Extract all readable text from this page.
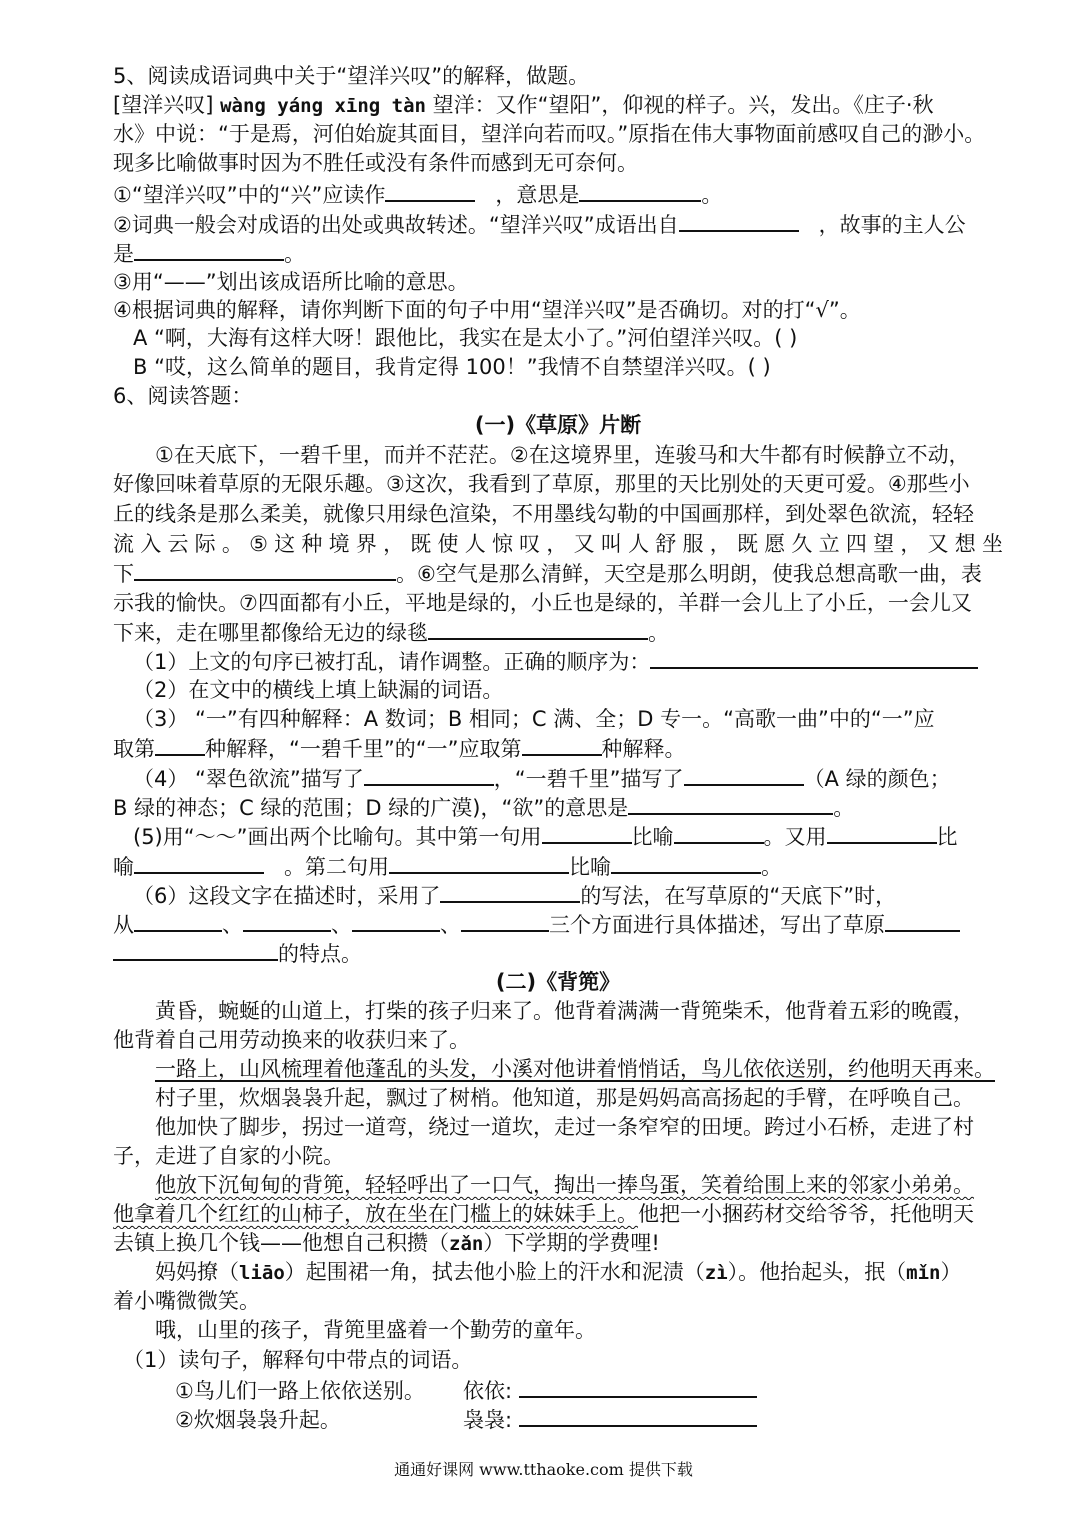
5、阅读成语词典中关于“望洋兴叹”的解释，做题。
[望洋兴叹] wàng yáng xīng tàn 望洋：又作“望阳”，仰视的样子。兴，发出。《庄子·秋
水》中说：“于是焉，河伯始旋其面目，望洋向若而叹。”原指在伟大事物面前感叹自己的渺小。
现多比喻做事时因为不胜任或没有条件而感到无可奈何。
①“望洋兴叹”中的“兴”应读作	，意思是	。
②词典一般会对成语的出处或典故转述。“望洋兴叹”成语出自	，故事的主人公
是	。
③用“——”划出该成语所比喻的意思。
④根据词典的解释，请你判断下面的句子中用“望洋兴叹”是否确切。对的打“√”。
A “啊，大海有这样大呀！跟他比，我实在是太小了。”河伯望洋兴叹。( )
B “哎，这么简单的题目，我肯定得 100！”我情不自禁望洋兴叹。( )
6、阅读答题：
(一)《草原》片断
①在天底下，一碧千里，而并不茫茫。②在这境界里，连骏马和大牛都有时候静立不动，
好像回味着草原的无限乐趣。③这次，我看到了草原，那里的天比别处的天更可爱。④那些小
丘的线条是那么柔美，就像只用绿色渲染，不用墨线勾勒的中国画那样，到处翠色欲流，轻轻
流入云际。⑤这种境界，既使人惊叹，又叫人舒服，既愿久立四望，又想坐
下	。⑥空气是那么清鲜，天空是那么明朗，使我总想高歌一曲，表
示我的愉快。⑦四面都有小丘，平地是绿的，小丘也是绿的，羊群一会儿上了小丘，一会儿又
下来，走在哪里都像给无边的绿毯	。
（1）上文的句序已被打乱，请作调整。正确的顺序为：
（2）在文中的横线上填上缺漏的词语。
（3） “一”有四种解释：A 数词；B 相同；C 满、全；D 专一。“高歌一曲”中的“一”应
取第 种解释，“一碧千里”的“一”应取第	种解释。
（4） “翠色欲流”描写了	，“一碧千里”描写了	（A 绿的颜色；
B 绿的神态；C 绿的范围；D 绿的广漠)，“欲”的意思是	。
(5)用“～～”画出两个比喻句。其中第一句用	比喻	。又用	比
喻	。第二句用	比喻	。
（6）这段文字在描述时，采用了	的写法，在写草原的“天底下”时，
从	、	、	、	三个方面进行具体描述，写出了草原
的特点。
(二)《背篼》
黄昏，蜿蜒的山道上，打柴的孩子归来了。他背着满满一背篼柴禾，他背着五彩的晚霞，
他背着自己用劳动换来的收获归来了。
一路上，山风梳理着他蓬乱的头发，小溪对他讲着悄悄话，鸟儿依依送别，约他明天再来。
村子里，炊烟袅袅升起，飘过了树梢。他知道，那是妈妈高高扬起的手臂，在呼唤自己。
他加快了脚步，拐过一道弯，绕过一道坎，走过一条窄窄的田埂。跨过小石桥，走进了村
子，走进了自家的小院。
他放下沉甸甸的背篼，轻轻呼出了一口气，掏出一捧鸟蛋，笑着给围上来的邻家小弟弟。
他拿着几个红红的山柿子，放在坐在门槛上的妹妹手上。他把一小捆药材交给爷爷，托他明天
去镇上换几个钱——他想自己积攒（zǎn）下学期的学费哩!
妈妈撩（liāo）起围裙一角，拭去他小脸上的汗水和泥渍（zì）。他抬起头，抿（mǐn）
着小嘴微微笑。
哦，山里的孩子，背篼里盛着一个勤劳的童年。
（1）读句子，解释句中带点的词语。
①鸟儿们一路上依依送别。 依依:
②炊烟袅袅升起。	袅袅:
通通好课网 www.tthaoke.com 提供下载
